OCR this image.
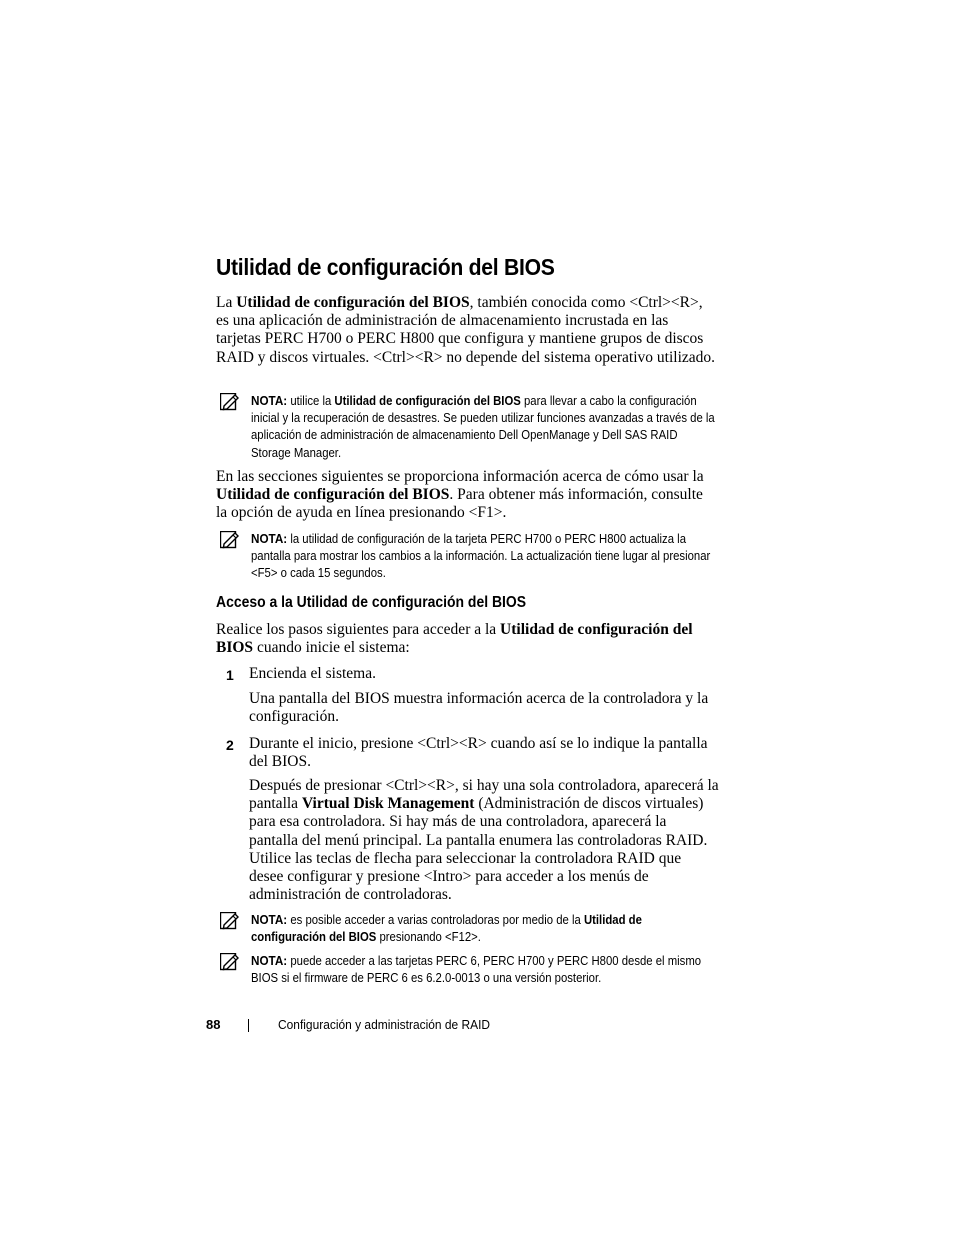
Utilidad de configuración del BIOS

La Utilidad de configuración del BIOS, también conocida como <Ctrl><R>, es una aplicación de administración de almacenamiento incrustada en las tarjetas PERC H700 o PERC H800 que configura y mantiene grupos de discos RAID y discos virtuales. <Ctrl><R> no depende del sistema operativo utilizado.

NOTA: utilice la Utilidad de configuración del BIOS para llevar a cabo la configuración inicial y la recuperación de desastres. Se pueden utilizar funciones avanzadas a través de la aplicación de administración de almacenamiento Dell OpenManage y Dell SAS RAID Storage Manager.

En las secciones siguientes se proporciona información acerca de cómo usar la Utilidad de configuración del BIOS. Para obtener más información, consulte la opción de ayuda en línea presionando <F1>.

NOTA: la utilidad de configuración de la tarjeta PERC H700 o PERC H800 actualiza la pantalla para mostrar los cambios a la información. La actualización tiene lugar al presionar <F5> o cada 15 segundos.

Acceso a la Utilidad de configuración del BIOS

Realice los pasos siguientes para acceder a la Utilidad de configuración del BIOS cuando inicie el sistema:

1 Encienda el sistema.

Una pantalla del BIOS muestra información acerca de la controladora y la configuración.

2 Durante el inicio, presione <Ctrl><R> cuando así se lo indique la pantalla del BIOS.

Después de presionar <Ctrl><R>, si hay una sola controladora, aparecerá la pantalla Virtual Disk Management (Administración de discos virtuales) para esa controladora. Si hay más de una controladora, aparecerá la pantalla del menú principal. La pantalla enumera las controladoras RAID. Utilice las teclas de flecha para seleccionar la controladora RAID que desee configurar y presione <Intro> para acceder a los menús de administración de controladoras.

NOTA: es posible acceder a varias controladoras por medio de la Utilidad de configuración del BIOS presionando <F12>.

NOTA: puede acceder a las tarjetas PERC 6, PERC H700 y PERC H800 desde el mismo BIOS si el firmware de PERC 6 es 6.2.0-0013 o una versión posterior.

88	Configuración y administración de RAID
